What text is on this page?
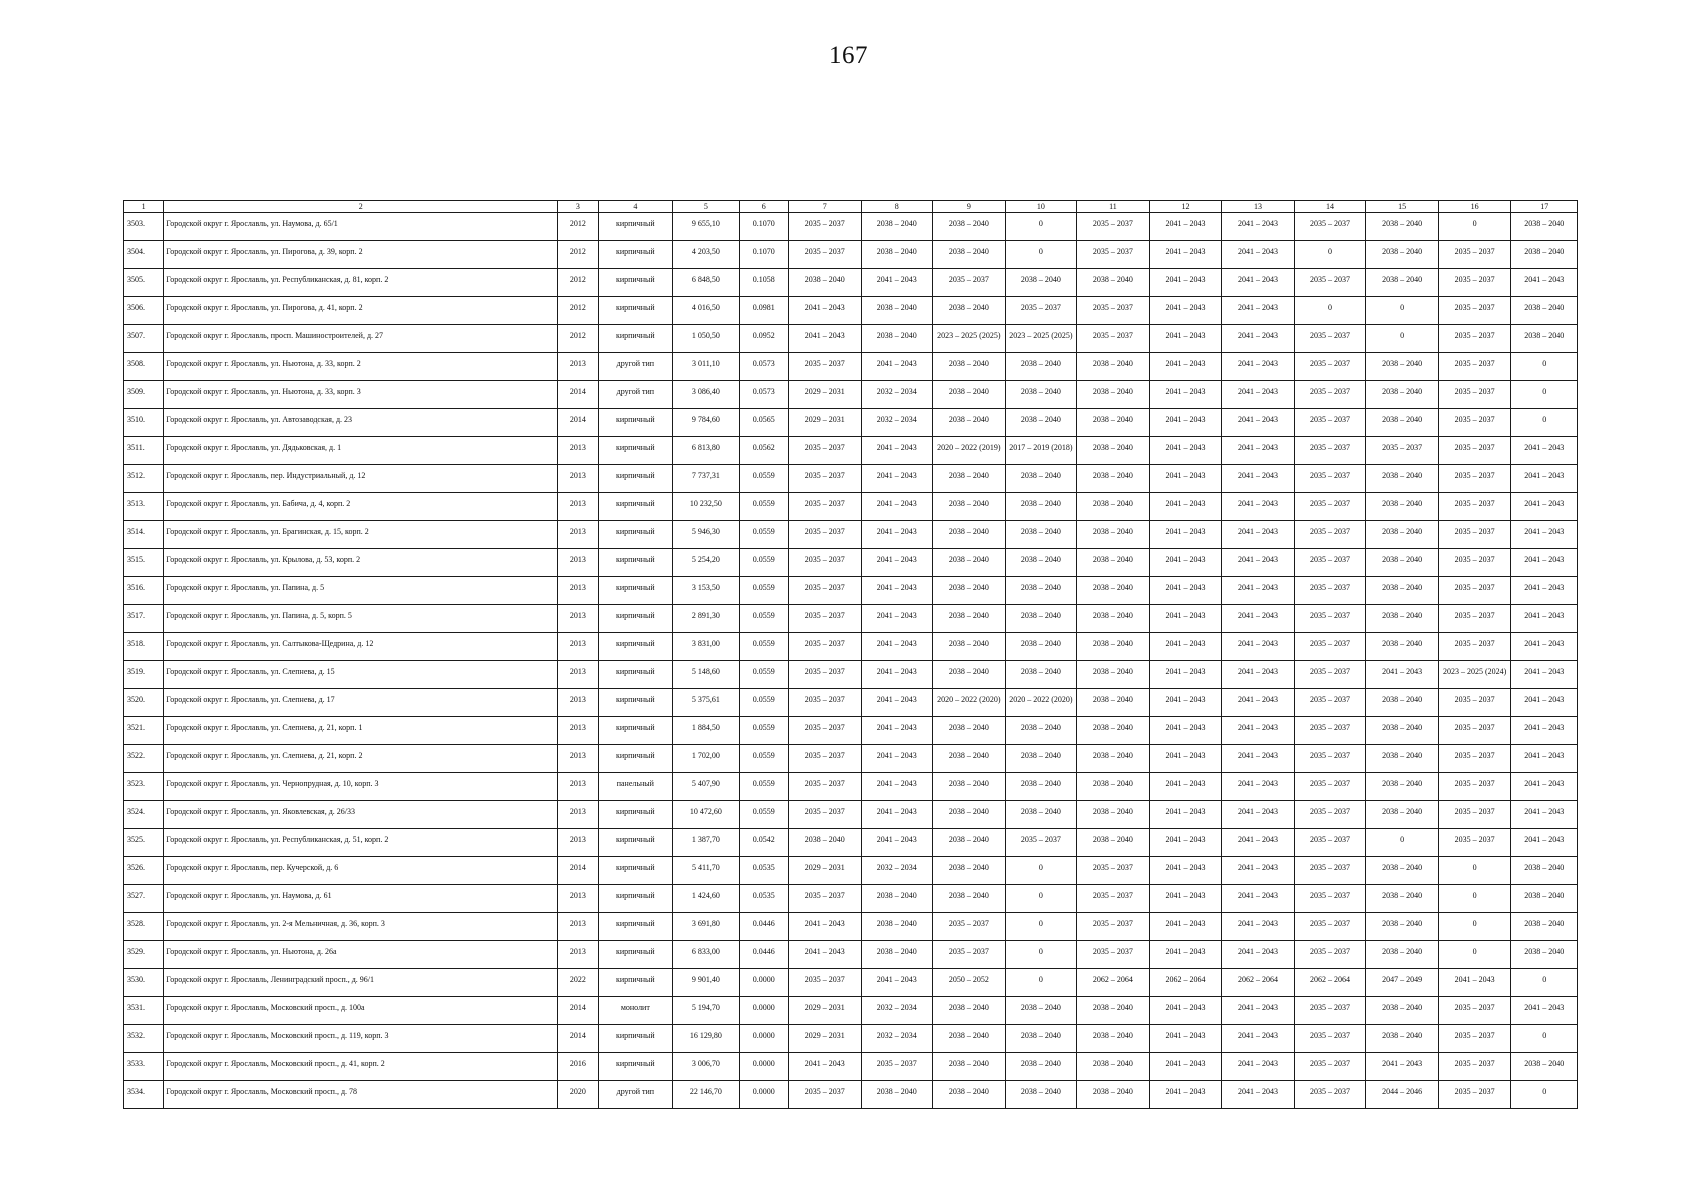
167
1	2	3	4	5	6	7	8	9	10	11	12	13	14	15	16	17
3503.	Городской округ г. Ярославль, ул. Наумова, д. 65/1	2012	кирпичный	9 655,10	0.1070	2035 – 2037	2038 – 2040	2038 – 2040	0	2035 – 2037	2041 – 2043	2041 – 2043	2035 – 2037	2038 – 2040	0	2038 – 2040
3504.	Городской округ г. Ярославль, ул. Пирогова, д. 39, корп. 2	2012	кирпичный	4 203,50	0.1070	2035 – 2037	2038 – 2040	2038 – 2040	0	2035 – 2037	2041 – 2043	2041 – 2043	0	2038 – 2040	2035 – 2037	2038 – 2040
3505.	Городской округ г. Ярославль, ул. Республиканская, д. 81, корп. 2	2012	кирпичный	6 848,50	0.1058	2038 – 2040	2041 – 2043	2035 – 2037	2038 – 2040	2038 – 2040	2041 – 2043	2041 – 2043	2035 – 2037	2038 – 2040	2035 – 2037	2041 – 2043
3506.	Городской округ г. Ярославль, ул. Пирогова, д. 41, корп. 2	2012	кирпичный	4 016,50	0.0981	2041 – 2043	2038 – 2040	2038 – 2040	2035 – 2037	2035 – 2037	2041 – 2043	2041 – 2043	0	0	2035 – 2037	2038 – 2040
3507.	Городской округ г. Ярославль, просп. Машиностроителей, д. 27	2012	кирпичный	1 050,50	0.0952	2041 – 2043	2038 – 2040	2023 – 2025 (2025)	2023 – 2025 (2025)	2035 – 2037	2041 – 2043	2041 – 2043	2035 – 2037	0	2035 – 2037	2038 – 2040
3508.	Городской округ г. Ярославль, ул. Ньютона, д. 33, корп. 2	2013	другой тип	3 011,10	0.0573	2035 – 2037	2041 – 2043	2038 – 2040	2038 – 2040	2038 – 2040	2041 – 2043	2041 – 2043	2035 – 2037	2038 – 2040	2035 – 2037	0
3509.	Городской округ г. Ярославль, ул. Ньютона, д. 33, корп. 3	2014	другой тип	3 086,40	0.0573	2029 – 2031	2032 – 2034	2038 – 2040	2038 – 2040	2038 – 2040	2041 – 2043	2041 – 2043	2035 – 2037	2038 – 2040	2035 – 2037	0
3510.	Городской округ г. Ярославль, ул. Автозаводская, д. 23	2014	кирпичный	9 784,60	0.0565	2029 – 2031	2032 – 2034	2038 – 2040	2038 – 2040	2038 – 2040	2041 – 2043	2041 – 2043	2035 – 2037	2038 – 2040	2035 – 2037	0
3511.	Городской округ г. Ярославль, ул. Дядьковская, д. 1	2013	кирпичный	6 813,80	0.0562	2035 – 2037	2041 – 2043	2020 – 2022 (2019)	2017 – 2019 (2018)	2038 – 2040	2041 – 2043	2041 – 2043	2035 – 2037	2035 – 2037	2035 – 2037	2041 – 2043
3512.	Городской округ г. Ярославль, пер. Индустриальный, д. 12	2013	кирпичный	7 737,31	0.0559	2035 – 2037	2041 – 2043	2038 – 2040	2038 – 2040	2038 – 2040	2041 – 2043	2041 – 2043	2035 – 2037	2038 – 2040	2035 – 2037	2041 – 2043
3513.	Городской округ г. Ярославль, ул. Бабича, д. 4, корп. 2	2013	кирпичный	10 232,50	0.0559	2035 – 2037	2041 – 2043	2038 – 2040	2038 – 2040	2038 – 2040	2041 – 2043	2041 – 2043	2035 – 2037	2038 – 2040	2035 – 2037	2041 – 2043
3514.	Городской округ г. Ярославль, ул. Брагинская, д. 15, корп. 2	2013	кирпичный	5 946,30	0.0559	2035 – 2037	2041 – 2043	2038 – 2040	2038 – 2040	2038 – 2040	2041 – 2043	2041 – 2043	2035 – 2037	2038 – 2040	2035 – 2037	2041 – 2043
3515.	Городской округ г. Ярославль, ул. Крылова, д. 53, корп. 2	2013	кирпичный	5 254,20	0.0559	2035 – 2037	2041 – 2043	2038 – 2040	2038 – 2040	2038 – 2040	2041 – 2043	2041 – 2043	2035 – 2037	2038 – 2040	2035 – 2037	2041 – 2043
3516.	Городской округ г. Ярославль, ул. Папина, д. 5	2013	кирпичный	3 153,50	0.0559	2035 – 2037	2041 – 2043	2038 – 2040	2038 – 2040	2038 – 2040	2041 – 2043	2041 – 2043	2035 – 2037	2038 – 2040	2035 – 2037	2041 – 2043
3517.	Городской округ г. Ярославль, ул. Папина, д. 5, корп. 5	2013	кирпичный	2 891,30	0.0559	2035 – 2037	2041 – 2043	2038 – 2040	2038 – 2040	2038 – 2040	2041 – 2043	2041 – 2043	2035 – 2037	2038 – 2040	2035 – 2037	2041 – 2043
3518.	Городской округ г. Ярославль, ул. Салтыкова-Щедрина, д. 12	2013	кирпичный	3 831,00	0.0559	2035 – 2037	2041 – 2043	2038 – 2040	2038 – 2040	2038 – 2040	2041 – 2043	2041 – 2043	2035 – 2037	2038 – 2040	2035 – 2037	2041 – 2043
3519.	Городской округ г. Ярославль, ул. Слепнева, д. 15	2013	кирпичный	5 148,60	0.0559	2035 – 2037	2041 – 2043	2038 – 2040	2038 – 2040	2038 – 2040	2041 – 2043	2041 – 2043	2035 – 2037	2041 – 2043	2023 – 2025 (2024)	2041 – 2043
3520.	Городской округ г. Ярославль, ул. Слепнева, д. 17	2013	кирпичный	5 375,61	0.0559	2035 – 2037	2041 – 2043	2020 – 2022 (2020)	2020 – 2022 (2020)	2038 – 2040	2041 – 2043	2041 – 2043	2035 – 2037	2038 – 2040	2035 – 2037	2041 – 2043
3521.	Городской округ г. Ярославль, ул. Слепнева, д. 21, корп. 1	2013	кирпичный	1 884,50	0.0559	2035 – 2037	2041 – 2043	2038 – 2040	2038 – 2040	2038 – 2040	2041 – 2043	2041 – 2043	2035 – 2037	2038 – 2040	2035 – 2037	2041 – 2043
3522.	Городской округ г. Ярославль, ул. Слепнева, д. 21, корп. 2	2013	кирпичный	1 702,00	0.0559	2035 – 2037	2041 – 2043	2038 – 2040	2038 – 2040	2038 – 2040	2041 – 2043	2041 – 2043	2035 – 2037	2038 – 2040	2035 – 2037	2041 – 2043
3523.	Городской округ г. Ярославль, ул. Чернопрудная, д. 10, корп. 3	2013	панельный	5 407,90	0.0559	2035 – 2037	2041 – 2043	2038 – 2040	2038 – 2040	2038 – 2040	2041 – 2043	2041 – 2043	2035 – 2037	2038 – 2040	2035 – 2037	2041 – 2043
3524.	Городской округ г. Ярославль, ул. Яковлевская, д. 26/33	2013	кирпичный	10 472,60	0.0559	2035 – 2037	2041 – 2043	2038 – 2040	2038 – 2040	2038 – 2040	2041 – 2043	2041 – 2043	2035 – 2037	2038 – 2040	2035 – 2037	2041 – 2043
3525.	Городской округ г. Ярославль, ул. Республиканская, д. 51, корп. 2	2013	кирпичный	1 387,70	0.0542	2038 – 2040	2041 – 2043	2038 – 2040	2035 – 2037	2038 – 2040	2041 – 2043	2041 – 2043	2035 – 2037	0	2035 – 2037	2041 – 2043
3526.	Городской округ г. Ярославль, пер. Кучерской, д. 6	2014	кирпичный	5 411,70	0.0535	2029 – 2031	2032 – 2034	2038 – 2040	0	2035 – 2037	2041 – 2043	2041 – 2043	2035 – 2037	2038 – 2040	0	2038 – 2040
3527.	Городской округ г. Ярославль, ул. Наумова, д. 61	2013	кирпичный	1 424,60	0.0535	2035 – 2037	2038 – 2040	2038 – 2040	0	2035 – 2037	2041 – 2043	2041 – 2043	2035 – 2037	2038 – 2040	0	2038 – 2040
3528.	Городской округ г. Ярославль, ул. 2-я Мельничная, д. 36, корп. 3	2013	кирпичный	3 691,80	0.0446	2041 – 2043	2038 – 2040	2035 – 2037	0	2035 – 2037	2041 – 2043	2041 – 2043	2035 – 2037	2038 – 2040	0	2038 – 2040
3529.	Городской округ г. Ярославль, ул. Ньютона, д. 26а	2013	кирпичный	6 833,00	0.0446	2041 – 2043	2038 – 2040	2035 – 2037	0	2035 – 2037	2041 – 2043	2041 – 2043	2035 – 2037	2038 – 2040	0	2038 – 2040
3530.	Городской округ г. Ярославль, Ленинградский просп., д. 96/1	2022	кирпичный	9 901,40	0.0000	2035 – 2037	2041 – 2043	2050 – 2052	0	2062 – 2064	2062 – 2064	2062 – 2064	2062 – 2064	2047 – 2049	2041 – 2043	0
3531.	Городской округ г. Ярославль, Московский просп., д. 100а	2014	монолит	5 194,70	0.0000	2029 – 2031	2032 – 2034	2038 – 2040	2038 – 2040	2038 – 2040	2041 – 2043	2041 – 2043	2035 – 2037	2038 – 2040	2035 – 2037	2041 – 2043
3532.	Городской округ г. Ярославль, Московский просп., д. 119, корп. 3	2014	кирпичный	16 129,80	0.0000	2029 – 2031	2032 – 2034	2038 – 2040	2038 – 2040	2038 – 2040	2041 – 2043	2041 – 2043	2035 – 2037	2038 – 2040	2035 – 2037	0
3533.	Городской округ г. Ярославль, Московский просп., д. 41, корп. 2	2016	кирпичный	3 006,70	0.0000	2041 – 2043	2035 – 2037	2038 – 2040	2038 – 2040	2038 – 2040	2041 – 2043	2041 – 2043	2035 – 2037	2041 – 2043	2035 – 2037	2038 – 2040
3534.	Городской округ г. Ярославль, Московский просп., д. 78	2020	другой тип	22 146,70	0.0000	2035 – 2037	2038 – 2040	2038 – 2040	2038 – 2040	2038 – 2040	2041 – 2043	2041 – 2043	2035 – 2037	2044 – 2046	2035 – 2037	0
